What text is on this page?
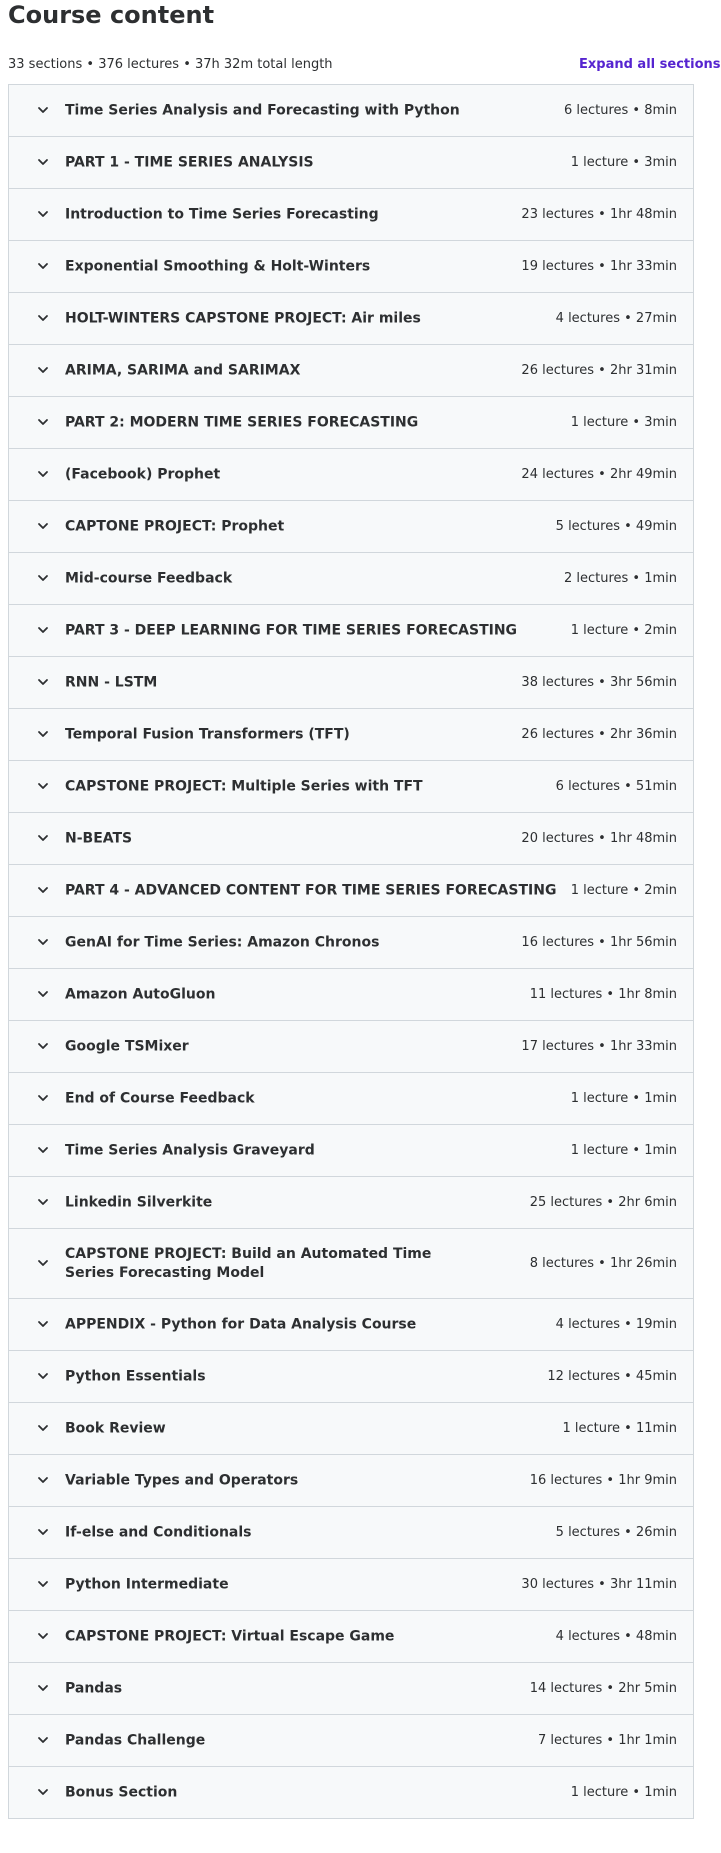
Course content
33 sections • 376 lectures • 37h 32m total length	Expand all sections
Time Series Analysis and Forecasting with Python	6 lectures • 8min
PART 1 - TIME SERIES ANALYSIS	1 lecture • 3min
Introduction to Time Series Forecasting	23 lectures • 1hr 48min
Exponential Smoothing & Holt-Winters	19 lectures • 1hr 33min
HOLT-WINTERS CAPSTONE PROJECT: Air miles	4 lectures • 27min
ARIMA, SARIMA and SARIMAX	26 lectures • 2hr 31min
PART 2: MODERN TIME SERIES FORECASTING	1 lecture • 3min
(Facebook) Prophet	24 lectures • 2hr 49min
CAPTONE PROJECT: Prophet	5 lectures • 49min
Mid-course Feedback	2 lectures • 1min
PART 3 - DEEP LEARNING FOR TIME SERIES FORECASTING	1 lecture • 2min
RNN - LSTM	38 lectures • 3hr 56min
Temporal Fusion Transformers (TFT)	26 lectures • 2hr 36min
CAPSTONE PROJECT: Multiple Series with TFT	6 lectures • 51min
N-BEATS	20 lectures • 1hr 48min
PART 4 - ADVANCED CONTENT FOR TIME SERIES FORECASTING 1 lecture • 2min
GenAI for Time Series: Amazon Chronos	16 lectures • 1hr 56min
Amazon AutoGluon	11 lectures • 1hr 8min
Google TSMixer	17 lectures • 1hr 33min
End of Course Feedback	1 lecture • 1min
Time Series Analysis Graveyard	1 lecture • 1min
Linkedin Silverkite	25 lectures • 2hr 6min
CAPSTONE PROJECT: Build an Automated Time Series Forecasting Model
8 lectures • 1hr 26min
APPENDIX - Python for Data Analysis Course	4 lectures • 19min
Python Essentials	12 lectures • 45min
Book Review	1 lecture • 11min
Variable Types and Operators	16 lectures • 1hr 9min
If-else and Conditionals	5 lectures • 26min
Python Intermediate	30 lectures • 3hr 11min
CAPSTONE PROJECT: Virtual Escape Game	4 lectures • 48min
Pandas	14 lectures • 2hr 5min
Pandas Challenge	7 lectures • 1hr 1min
Bonus Section	1 lecture • 1min
